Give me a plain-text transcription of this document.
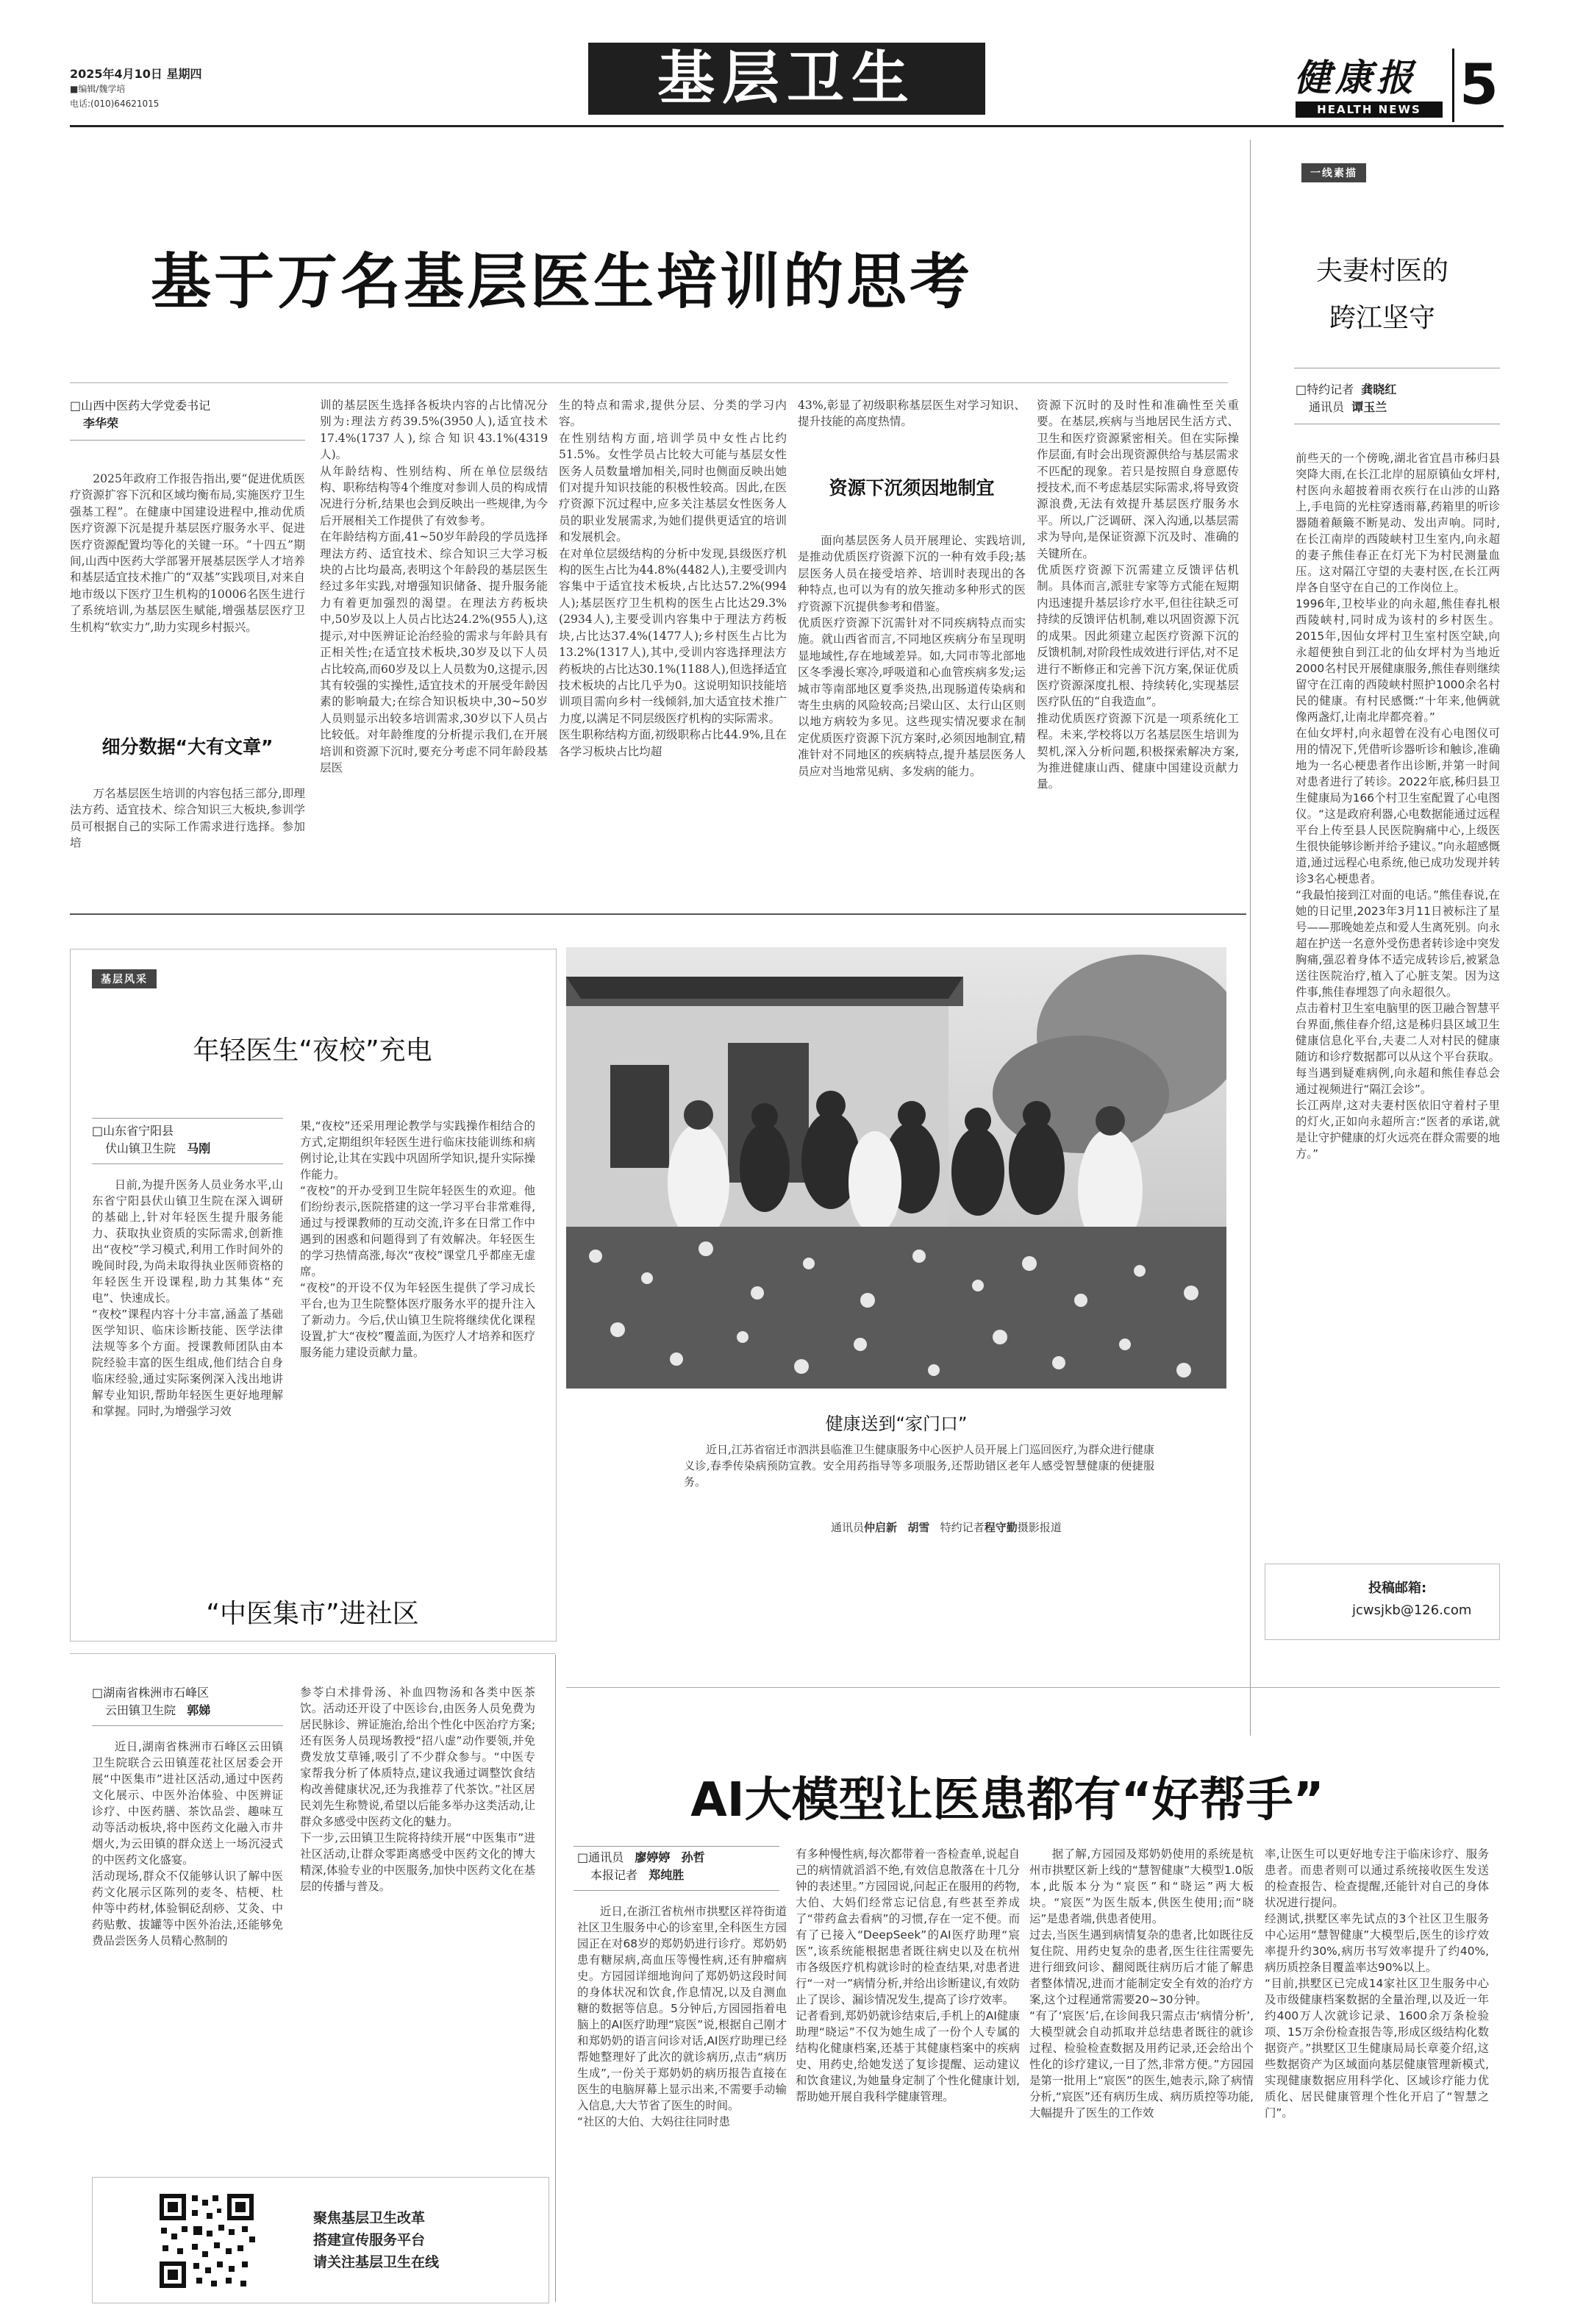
2025年4月10日 星期四
■编辑/魏学培
电话:(010)64621015	基层卫生	健康报
HEALTH NEWS 5
基于万名基层医生培训的思考
□山西中医药大学党委书记
李华荣

2025年政府工作报告指出,要“促进优质医疗资源扩容下沉和区域均衡布局,实施医疗卫生强基工程”。在健康中国建设进程中,推动优质医疗资源下沉是提升基层医疗服务水平、促进医疗资源配置均等化的关键一环。“十四五”期间,山西中医药大学部署开展基层医学人才培养和基层适宜技术推广的“双基”实践项目,对来自地市级以下医疗卫生机构的10006名医生进行了系统培训,为基层医生赋能,增强基层医疗卫生机构“软实力”,助力实现乡村振兴。

细分数据“大有文章”

万名基层医生培训的内容包括三部分,即理法方药、适宜技术、综合知识三大板块,参训学员可根据自己的实际工作需求进行选择。参加培

训的基层医生选择各板块内容的占比情况分别为:理法方药39.5%(3950人),适宜技术17.4%(1737人),综合知识43.1%(4319人)。
从年龄结构、性别结构、所在单位层级结构、职称结构等4个维度对参训人员的构成情况进行分析,结果也会到反映出一些规律,为今后开展相关工作提供了有效参考。
在年龄结构方面,41~50岁年龄段的学员选择理法方药、适宜技术、综合知识三大学习板块的占比均最高,表明这个年龄段的基层医生经过多年实践,对增强知识储备、提升服务能力有着更加强烈的渴望。在理法方药板块中,50岁及以上人员占比达24.2%(955人),这提示,对中医辨证论治经验的需求与年龄具有正相关性;在适宜技术板块,30岁及以下人员占比较高,而60岁及以上人员数为0,这提示,因其有较强的实操性,适宜技术的开展受年龄因素的影响最大;在综合知识板块中,30~50岁人员则显示出较多培训需求,30岁以下人员占比较低。对年龄维度的分析提示我们,在开展培训和资源下沉时,要充分考虑不同年龄段基层医

生的特点和需求,提供分层、分类的学习内容。
在性别结构方面,培训学员中女性占比约51.5%。女性学员占比较大可能与基层女性医务人员数量增加相关,同时也侧面反映出她们对提升知识技能的积极性较高。因此,在医疗资源下沉过程中,应多关注基层女性医务人员的职业发展需求,为她们提供更适宜的培训和发展机会。
在对单位层级结构的分析中发现,县级医疗机构的医生占比为44.8%(4482人),主要受训内容集中于适宜技术板块,占比达57.2%(994人);基层医疗卫生机构的医生占比达29.3%(2934人),主要受训内容集中于理法方药板块,占比达37.4%(1477人);乡村医生占比为13.2%(1317人),其中,受训内容选择理法方药板块的占比达30.1%(1188人),但选择适宜技术板块的占比几乎为0。这说明知识技能培训项目需向乡村一线倾斜,加大适宜技术推广力度,以满足不同层级医疗机构的实际需求。
医生职称结构方面,初级职称占比44.9%,且在各学习板块占比均超

43%,彰显了初级职称基层医生对学习知识、提升技能的高度热情。

资源下沉须因地制宜

面向基层医务人员开展理论、实践培训,是推动优质医疗资源下沉的一种有效手段;基层医务人员在接受培养、培训时表现出的各种特点,也可以为有的放矢推动多种形式的医疗资源下沉提供参考和借鉴。
优质医疗资源下沉需针对不同疾病特点而实施。就山西省而言,不同地区疾病分布呈现明显地域性,存在地域差异。如,大同市等北部地区冬季漫长寒冷,呼吸道和心血管疾病多发;运城市等南部地区夏季炎热,出现肠道传染病和寄生虫病的风险较高;吕梁山区、太行山区则以地方病较为多见。这些现实情况要求在制定优质医疗资源下沉方案时,必须因地制宜,精准针对不同地区的疾病特点,提升基层医务人员应对当地常见病、多发病的能力。

资源下沉时的及时性和准确性至关重要。在基层,疾病与当地居民生活方式、卫生和医疗资源紧密相关。但在实际操作层面,有时会出现资源供给与基层需求不匹配的现象。若只是按照自身意愿传授技术,而不考虑基层实际需求,将导致资源浪费,无法有效提升基层医疗服务水平。所以,广泛调研、深入沟通,以基层需求为导向,是保证资源下沉及时、准确的关键所在。
优质医疗资源下沉需建立反馈评估机制。具体而言,派驻专家等方式能在短期内迅速提升基层诊疗水平,但往往缺乏可持续的反馈评估机制,难以巩固资源下沉的成果。因此须建立起医疗资源下沉的反馈机制,对阶段性成效进行评估,对不足进行不断修正和完善下沉方案,保证优质医疗资源深度扎根、持续转化,实现基层医疗队伍的“自我造血”。
推动优质医疗资源下沉是一项系统化工程。未来,学校将以万名基层医生培训为契机,深入分析问题,积极探索解决方案,为推进健康山西、健康中国建设贡献力量。

一线素描
夫妻村医的
跨江坚守
□特约记者 龚晓红
通讯员 谭玉兰

前些天的一个傍晚,湖北省宜昌市秭归县突降大雨,在长江北岸的屈原镇仙女坪村,村医向永超披着雨衣疾行在山涉的山路上,手电筒的光柱穿透雨幕,药箱里的听诊器随着颠簸不断晃动、发出声响。同时,在长江南岸的西陵峡村卫生室内,向永超的妻子熊佳春正在灯光下为村民测量血压。这对隔江守望的夫妻村医,在长江两岸各自坚守在自己的工作岗位上。
1996年,卫校毕业的向永超,熊佳春扎根西陵峡村,同时成为该村的乡村医生。2015年,因仙女坪村卫生室村医空缺,向永超便独自到江北的仙女坪村为当地近2000名村民开展健康服务,熊佳春则继续留守在江南的西陵峡村照护1000余名村民的健康。有村民感慨:“十年来,他俩就像两盏灯,让南北岸都亮着。”
在仙女坪村,向永超曾在没有心电图仪可用的情况下,凭借听诊器听诊和触诊,准确地为一名心梗患者作出诊断,并第一时间对患者进行了转诊。2022年底,秭归县卫生健康局为166个村卫生室配置了心电图仪。“这是政府利器,心电数据能通过远程平台上传至县人民医院胸痛中心,上级医生很快能够诊断并给予建议。”向永超感慨道,通过远程心电系统,他已成功发现并转诊3名心梗患者。
“我最怕接到江对面的电话。”熊佳春说,在她的日记里,2023年3月11日被标注了星号——那晚她差点和爱人生离死别。向永超在护送一名意外受伤患者转诊途中突发胸痛,强忍着身体不适完成转诊后,被紧急送往医院治疗,植入了心脏支架。因为这件事,熊佳春埋怨了向永超很久。
点击着村卫生室电脑里的医卫融合智慧平台界面,熊佳春介绍,这是秭归县区域卫生健康信息化平台,夫妻二人对村民的健康随访和诊疗数据都可以从这个平台获取。每当遇到疑难病例,向永超和熊佳春总会通过视频进行“隔江会诊”。
长江两岸,这对夫妻村医依旧守着村子里的灯火,正如向永超所言:“医者的承诺,就是让守护健康的灯火远亮在群众需要的地方。”

投稿邮箱:
jcwsjkb@126.com
基层风采
年轻医生“夜校”充电
□山东省宁阳县
伏山镇卫生院 马刚

日前,为提升医务人员业务水平,山东省宁阳县伏山镇卫生院在深入调研的基础上,针对年轻医生提升服务能力、获取执业资质的实际需求,创新推出“夜校”学习模式,利用工作时间外的晚间时段,为尚未取得执业医师资格的年轻医生开设课程,助力其集体“充电”、快速成长。
“夜校”课程内容十分丰富,涵盖了基础医学知识、临床诊断技能、医学法律法规等多个方面。授课教师团队由本院经验丰富的医生组成,他们结合自身临床经验,通过实际案例深入浅出地讲解专业知识,帮助年轻医生更好地理解和掌握。同时,为增强学习效

果,“夜校”还采用理论教学与实践操作相结合的方式,定期组织年轻医生进行临床技能训练和病例讨论,让其在实践中巩固所学知识,提升实际操作能力。
“夜校”的开办受到卫生院年轻医生的欢迎。他们纷纷表示,医院搭建的这一学习平台非常难得,通过与授课教师的互动交流,许多在日常工作中遇到的困惑和问题得到了有效解决。年轻医生的学习热情高涨,每次“夜校”课堂几乎都座无虚席。
“夜校”的开设不仅为年轻医生提供了学习成长平台,也为卫生院整体医疗服务水平的提升注入了新动力。今后,伏山镇卫生院将继续优化课程设置,扩大“夜校”覆盖面,为医疗人才培养和医疗服务能力建设贡献力量。

健康送到“家门口”

近日,江苏省宿迁市泗洪县临淮卫生健康服务中心医护人员开展上门巡回医疗,为群众进行健康义诊,春季传染病预防宣教。安全用药指导等多项服务,还帮助错区老年人感受智慧健康的便捷服务。

通讯员仲启新 胡雪 特约记者程守勤摄影报道
“中医集市”进社区
□湖南省株洲市石峰区
云田镇卫生院 郭娣

近日,湖南省株洲市石峰区云田镇卫生院联合云田镇莲花社区居委会开展“中医集市”进社区活动,通过中医药文化展示、中医外治体验、中医辨证诊疗、中医药膳、茶饮品尝、趣味互动等活动板块,将中医药文化融入市井烟火,为云田镇的群众送上一场沉浸式的中医药文化盛宴。
活动现场,群众不仅能够认识了解中医药文化展示区陈列的麦冬、桔梗、杜仲等中药材,体验铜砭刮痧、艾灸、中药贴敷、拔罐等中医外治法,还能够免费品尝医务人员精心熬制的

参苓白术排骨汤、补血四物汤和各类中医茶饮。活动还开设了中医诊台,由医务人员免费为居民脉诊、辨证施治,给出个性化中医治疗方案;还有医务人员现场教授“招八虚”动作要领,并免费发放艾草锤,吸引了不少群众参与。“中医专家帮我分析了体质特点,建议我通过调整饮食结构改善健康状况,还为我推荐了代茶饮。”社区居民刘先生称赞说,希望以后能多举办这类活动,让群众多感受中医药文化的魅力。
下一步,云田镇卫生院将持续开展“中医集市”进社区活动,让群众零距离感受中医药文化的博大精深,体验专业的中医服务,加快中医药文化在基层的传播与普及。

聚焦基层卫生改革
搭建宣传服务平台
请关注基层卫生在线
AI大模型让医患都有“好帮手”
□通讯员 廖婷婷 孙哲
本报记者 郑纯胜

近日,在浙江省杭州市拱墅区祥符街道社区卫生服务中心的诊室里,全科医生方园园正在对68岁的郑奶奶进行诊疗。郑奶奶患有糖尿病,高血压等慢性病,还有肿瘤病史。方园园详细地询问了郑奶奶这段时间的身体状况和饮食,作息情况,以及自测血糖的数据等信息。5分钟后,方园园指着电脑上的AI医疗助理“宸医”说,根据自己刚才和郑奶奶的语言问诊对话,AI医疗助理已经帮她整理好了此次的就诊病历,点击“病历生成”,一份关于郑奶奶的病历报告直接在医生的电脑屏幕上显示出来,不需要手动输入信息,大大节省了医生的时间。
“社区的大伯、大妈往往同时患

有多种慢性病,每次都带着一沓检查单,说起自己的病情就滔滔不绝,有效信息散落在十几分钟的表述里。”方园园说,问起正在服用的药物,大伯、大妈们经常忘记信息,有些甚至养成了“带药盒去看病”的习惯,存在一定不便。而有了已接入“DeepSeek”的AI医疗助理“宸医”,该系统能根据患者既往病史以及在杭州市各级医疗机构就诊时的检查结果,对患者进行“一对一”病情分析,并给出诊断建议,有效防止了误诊、漏诊情况发生,提高了诊疗效率。
记者看到,郑奶奶就诊结束后,手机上的AI健康助理“晓运”不仅为她生成了一份个人专属的结构化健康档案,还基于其健康档案中的疾病史、用药史,给她发送了复诊提醒、运动建议和饮食建议,为她量身定制了个性化健康计划,帮助她开展自我科学健康管理。

据了解,方园园及郑奶奶使用的系统是杭州市拱墅区新上线的“慧智健康”大模型1.0版本,此版本分为“宸医”和“晓运”两大板块。“宸医”为医生版本,供医生使用;而“晓运”是患者端,供患者使用。
过去,当医生遇到病情复杂的患者,比如既往反复住院、用药史复杂的患者,医生往往需要先进行细致问诊、翻阅既往病历后才能了解患者整体情况,进而才能制定安全有效的治疗方案,这个过程通常需要20~30分钟。
“有了‘宸医’后,在诊间我只需点击‘病情分析’,大模型就会自动抓取并总结患者既往的就诊过程、检验检查数据及用药记录,还会给出个性化的诊疗建议,一目了然,非常方便。”方园园是第一批用上“宸医”的医生,她表示,除了病情分析,“宸医”还有病历生成、病历质控等功能,大幅提升了医生的工作效

率,让医生可以更好地专注于临床诊疗、服务患者。而患者则可以通过系统接收医生发送的检查报告、检查提醒,还能针对自己的身体状况进行提问。
经测试,拱墅区率先试点的3个社区卫生服务中心运用“慧智健康”大模型后,医生的诊疗效率提升约30%,病历书写效率提升了约40%,病历质控条目覆盖率达90%以上。
“目前,拱墅区已完成14家社区卫生服务中心及市级健康档案数据的全量治理,以及近一年约400万人次就诊记录、1600余万条检验项、15万余份检查报告等,形成区级结构化数据资产。”拱墅区卫生健康局局长章菱介绍,这些数据资产为区域面向基层健康管理新模式,实现健康数据应用科学化、区域诊疗能力优质化、居民健康管理个性化开启了“智慧之门”。
